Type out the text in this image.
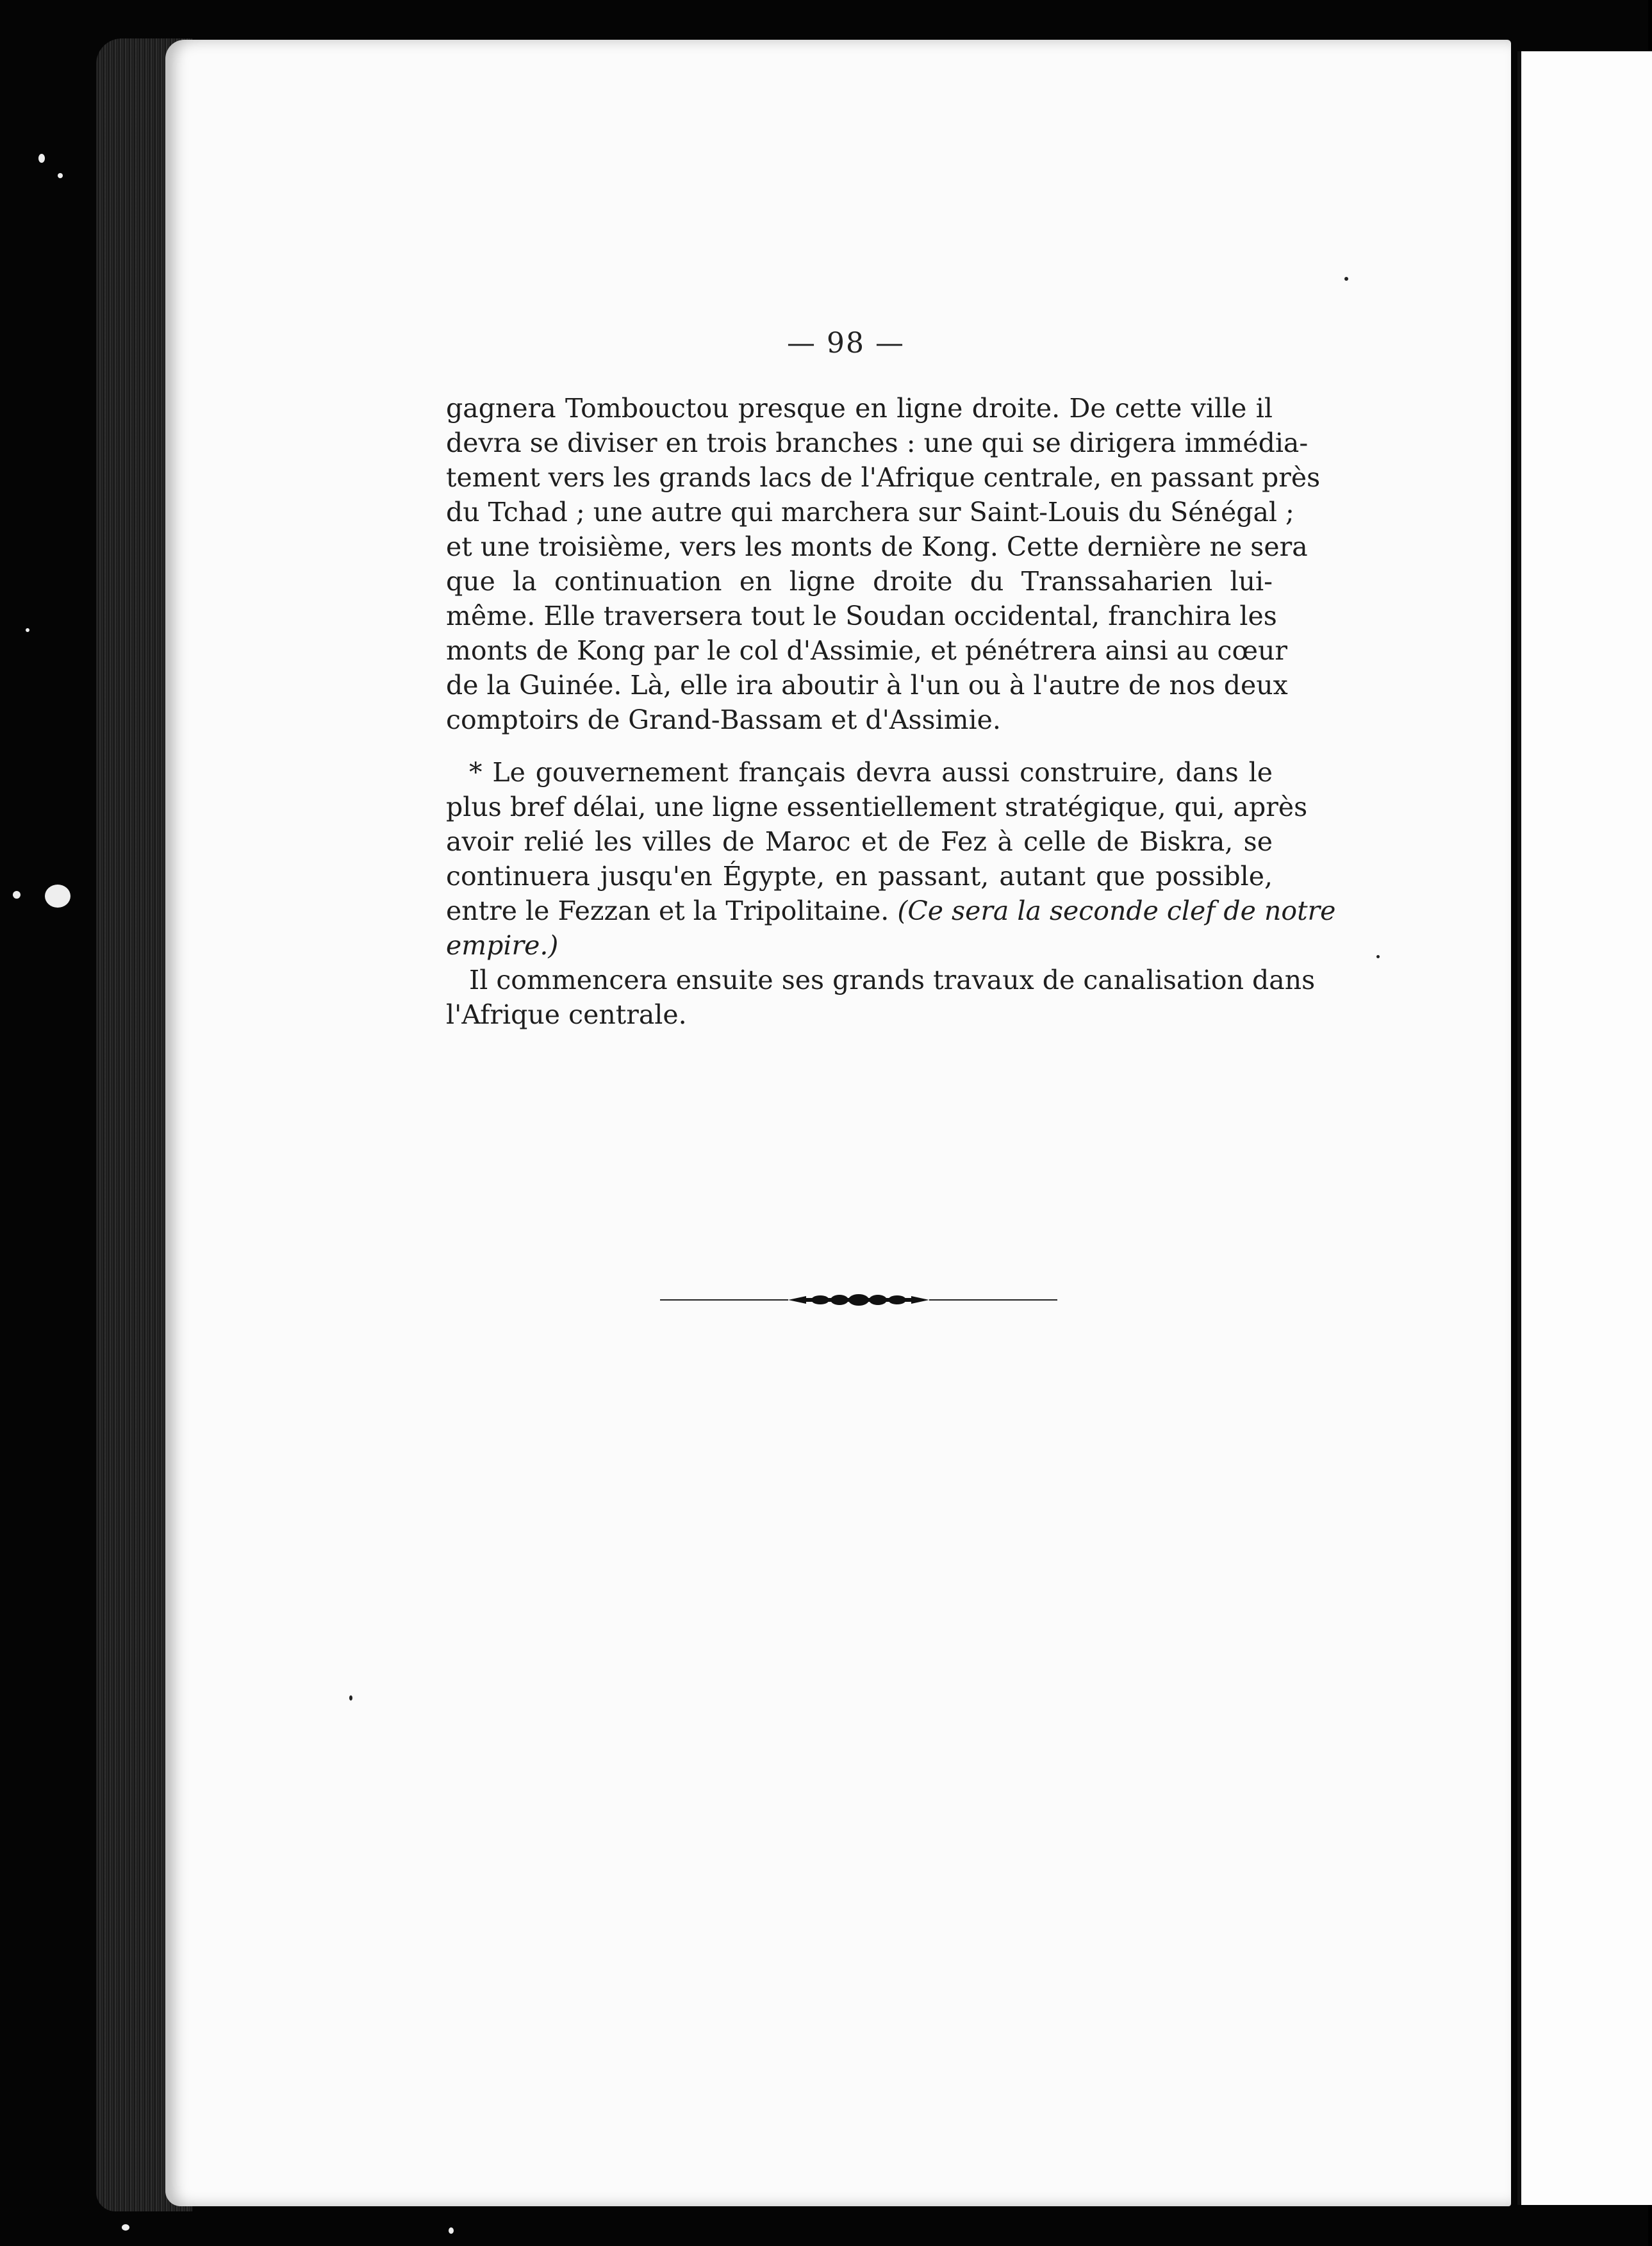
— 98 —
gagnera Tombouctou presque en ligne droite. De cette ville il
devra se diviser en trois branches : une qui se dirigera immédia-
tement vers les grands lacs de l'Afrique centrale, en passant près
du Tchad ; une autre qui marchera sur Saint-Louis du Sénégal ;
et une troisième, vers les monts de Kong. Cette dernière ne sera
que la continuation en ligne droite du Transsaharien lui-
même. Elle traversera tout le Soudan occidental, franchira les
monts de Kong par le col d'Assimie, et pénétrera ainsi au cœur
de la Guinée. Là, elle ira aboutir à l'un ou à l'autre de nos deux
comptoirs de Grand-Bassam et d'Assimie.
* Le gouvernement français devra aussi construire, dans le
plus bref délai, une ligne essentiellement stratégique, qui, après
avoir relié les villes de Maroc et de Fez à celle de Biskra, se
continuera jusqu'en Égypte, en passant, autant que possible,
entre le Fezzan et la Tripolitaine. (Ce sera la seconde clef de notre
empire.)
Il commencera ensuite ses grands travaux de canalisation dans
l'Afrique centrale.
